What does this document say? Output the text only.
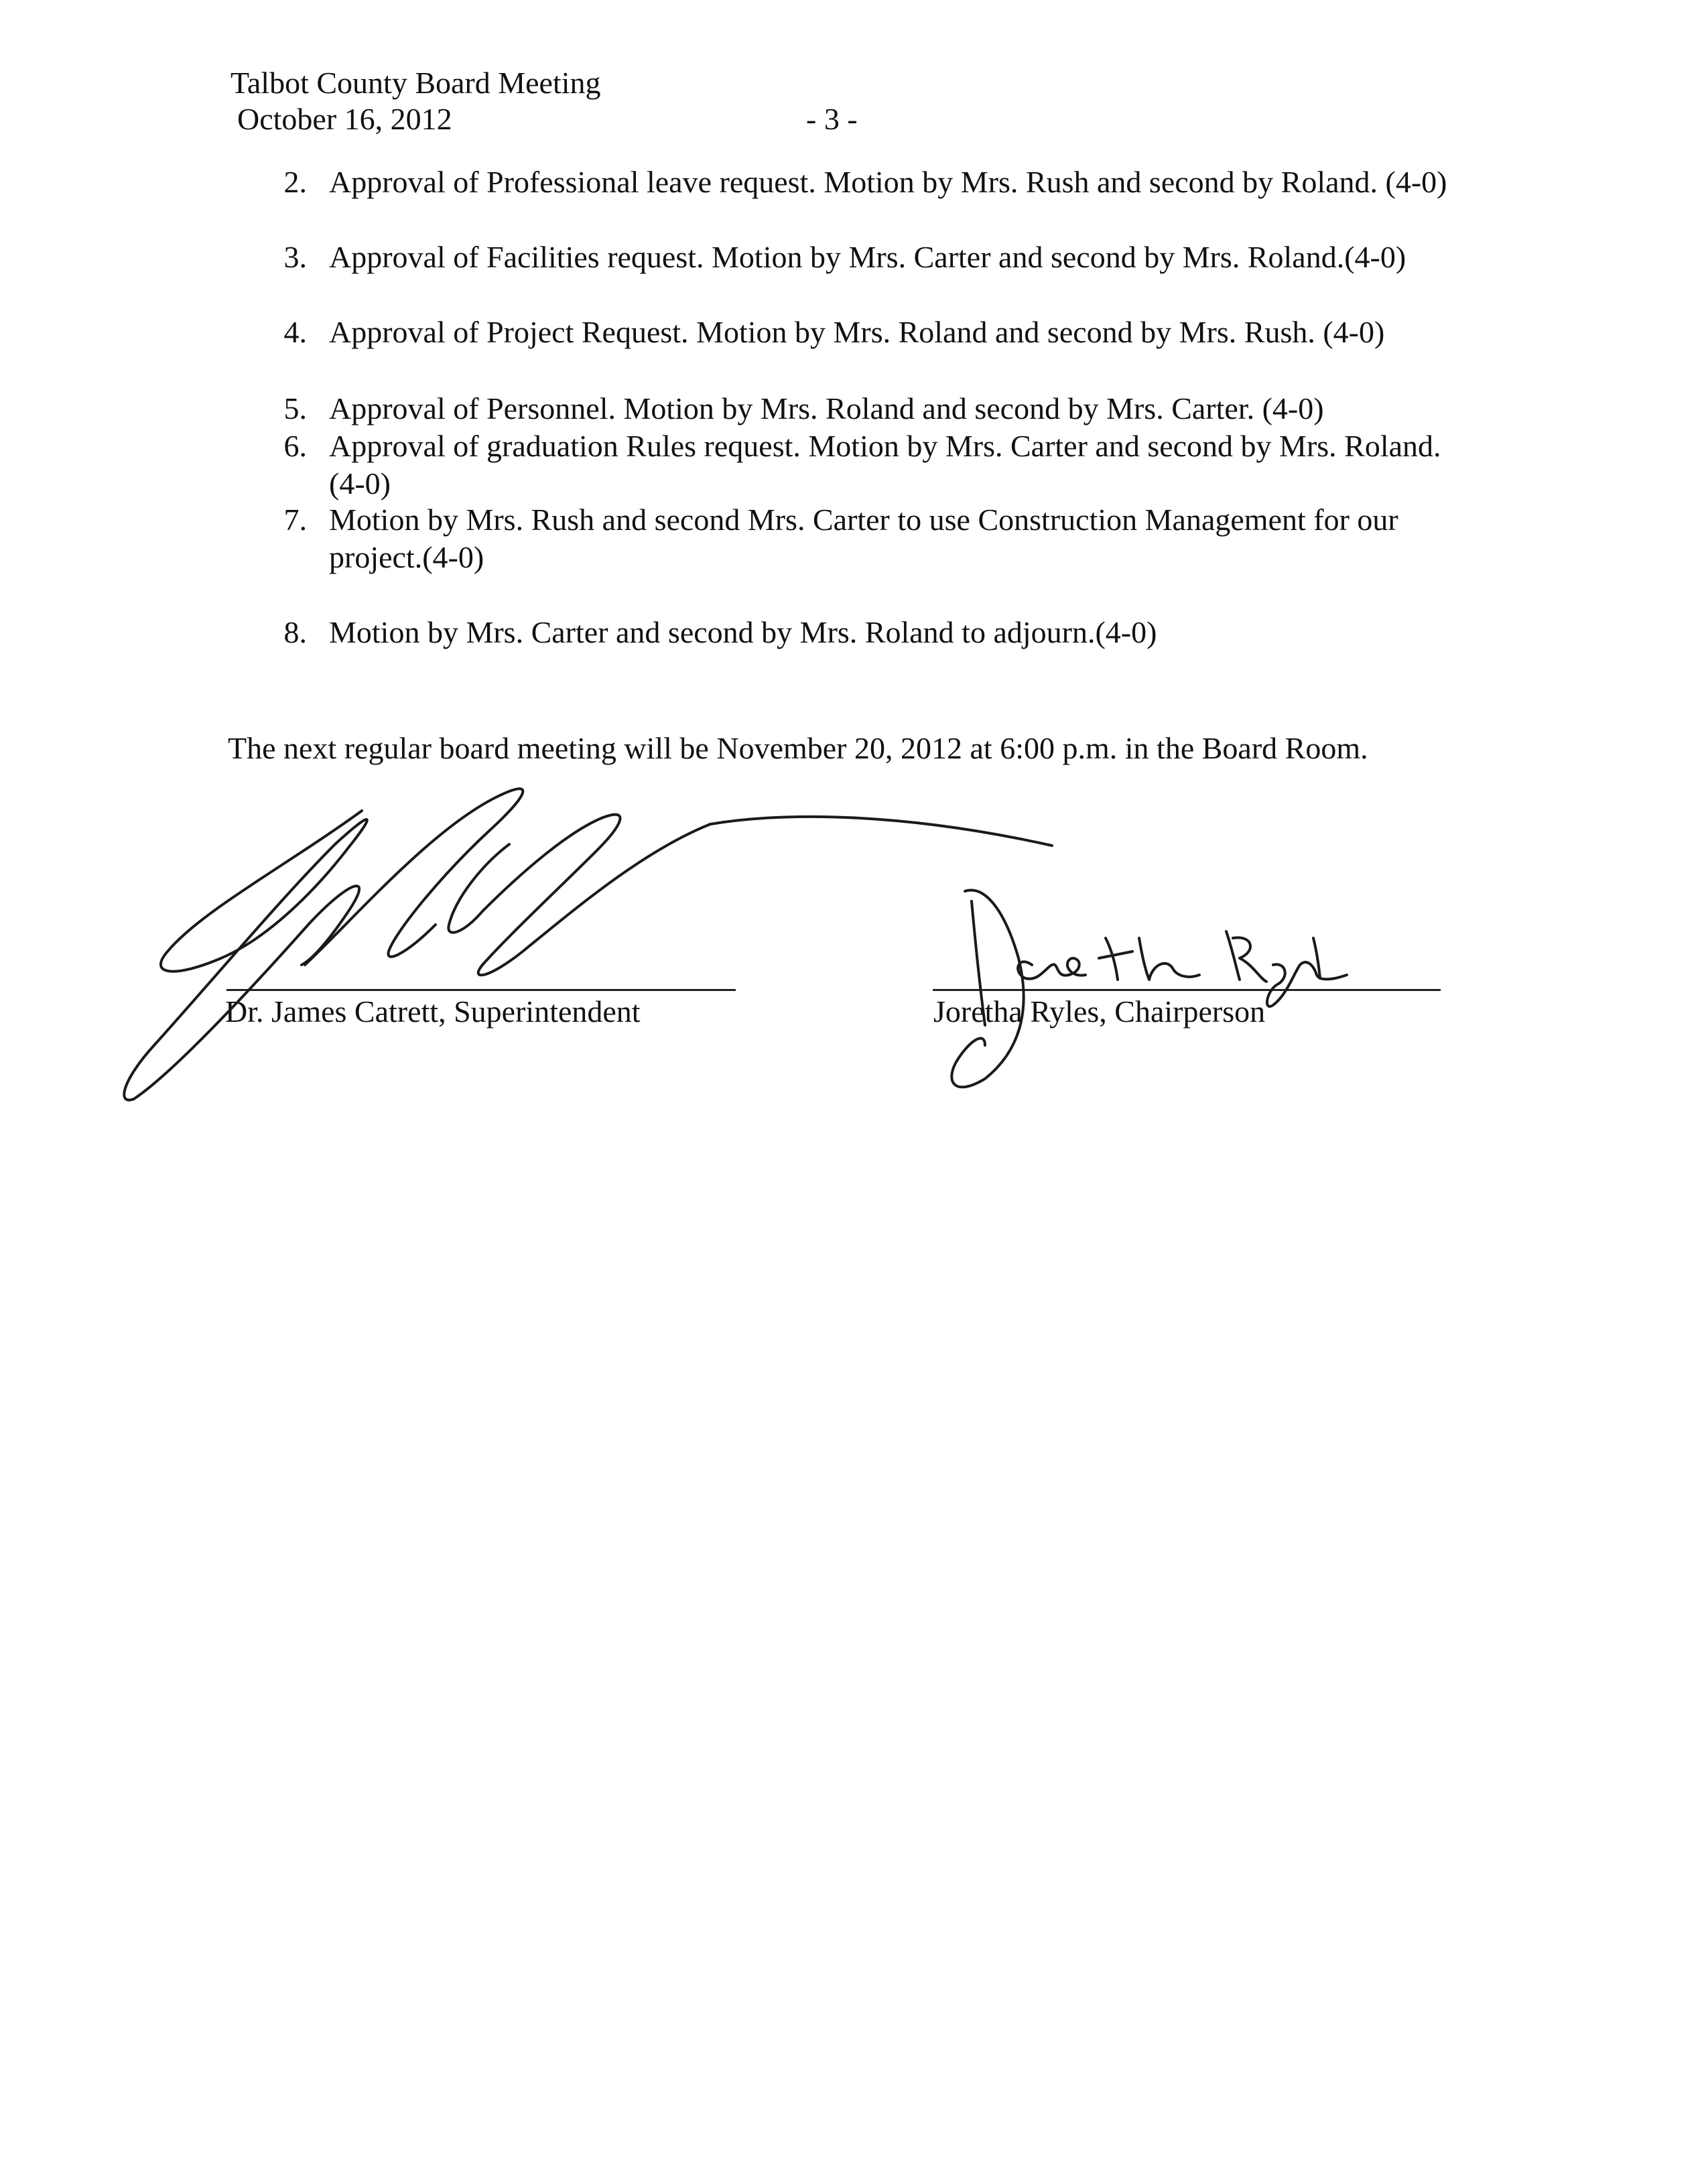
Talbot County Board Meeting
October 16, 2012	- 3 -
2. Approval of Professional leave request. Motion by Mrs. Rush and second by Roland. (4-0)
3. Approval of Facilities request. Motion by Mrs. Carter and second by Mrs. Roland.(4-0)
4. Approval of Project Request. Motion by Mrs. Roland and second by Mrs. Rush. (4-0)
5. Approval of Personnel. Motion by Mrs. Roland and second by Mrs. Carter. (4-0)
6. Approval of graduation Rules request. Motion by Mrs. Carter and second by Mrs. Roland. (4-0)
7. Motion by Mrs. Rush and second Mrs. Carter to use Construction Management for our project.(4-0)
8. Motion by Mrs. Carter and second by Mrs. Roland to adjourn.(4-0)
The next regular board meeting will be November 20, 2012 at 6:00 p.m. in the Board Room.
Dr. James Catrett, Superintendent	Joretha Ryles, Chairperson
